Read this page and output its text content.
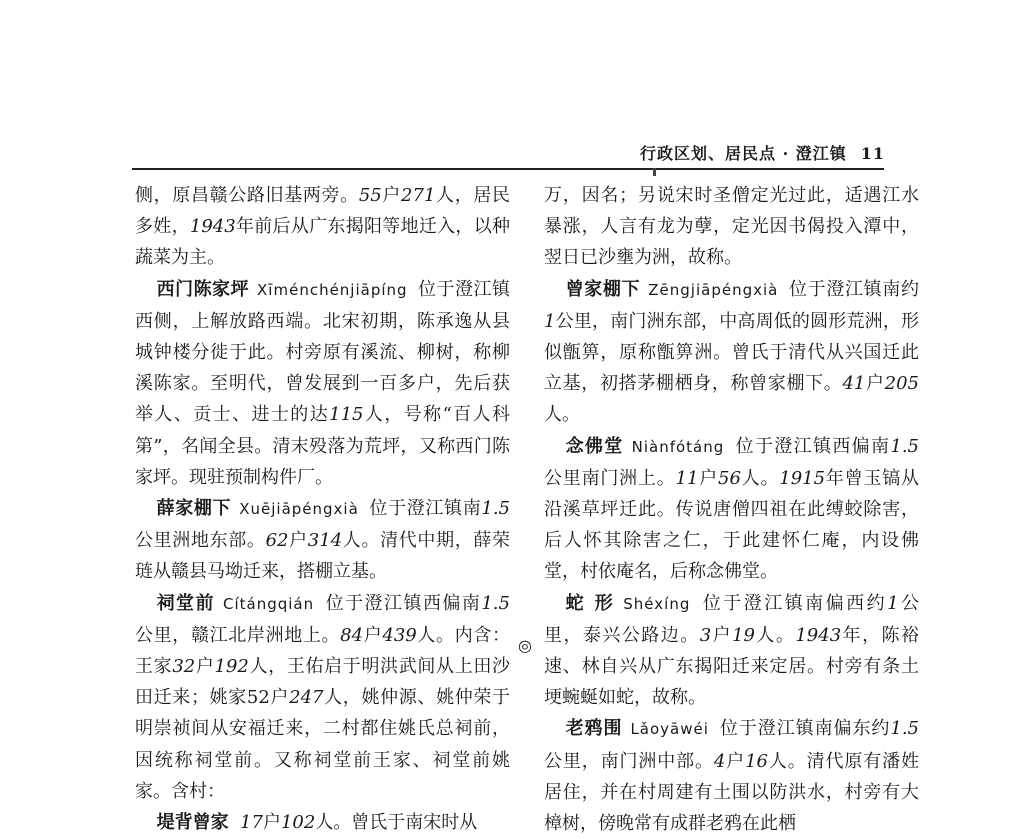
行政区划、居民点 · 澄江镇 11

侧，原昌赣公路旧基两旁。55户271人，居民多姓，1943年前后从广东揭阳等地迁入，以种蔬菜为主。

西门陈家坪 Xīménchénjiāpíng 位于澄江镇西侧，上解放路西端。北宋初期，陈承逸从县城钟楼分徙于此。村旁原有溪流、柳树，称柳溪陈家。至明代，曾发展到一百多户，先后获举人、贡士、进士的达115人，号称“百人科第”，名闻全县。清末殁落为荒坪，又称西门陈家坪。现驻预制构件厂。

薛家棚下 Xuējiāpéngxià 位于澄江镇南1.5公里洲地东部。62户314人。清代中期，薛荣琏从赣县马坳迁来，搭棚立基。

祠堂前 Cítángqián 位于澄江镇西偏南1.5公里，赣江北岸洲地上。84户439人。内含：王家32户192人，王佑启于明洪武间从上田沙田迁来；姚家52户247人，姚仲源、姚仲荣于明崇祯间从安福迁来，二村都住姚氏总祠前，因统称祠堂前。又称祠堂前王家、祠堂前姚家。含村：

堤背曾家 17户102人。曾氏于南宋时从

◎

万，因名；另说宋时圣僧定光过此，适遇江水暴涨，人言有龙为孽，定光因书偈投入潭中，翌日已沙壅为洲，故称。

曾家棚下 Zēngjiāpéngxià 位于澄江镇南约1公里，南门洲东部，中高周低的圆形荒洲，形似甑箅，原称甑箅洲。曾氏于清代从兴国迁此立基，初搭茅棚栖身，称曾家棚下。41户205人。

念佛堂 Niànfótáng 位于澄江镇西偏南1.5公里南门洲上。11户56人。1915年曾玉镐从沿溪草坪迁此。传说唐僧四祖在此缚蛟除害，后人怀其除害之仁，于此建怀仁庵，内设佛堂，村依庵名，后称念佛堂。

蛇 形 Shéxíng 位于澄江镇南偏西约1公里，泰兴公路边。3户19人。1943年，陈裕速、林自兴从广东揭阳迁来定居。村旁有条土埂蜿蜒如蛇，故称。

老鸦围 Lǎoyāwéi 位于澄江镇南偏东约1.5公里，南门洲中部。4户16人。清代原有潘姓居住，并在村周建有土围以防洪水，村旁有大樟树，傍晚常有成群老鸦在此栖
